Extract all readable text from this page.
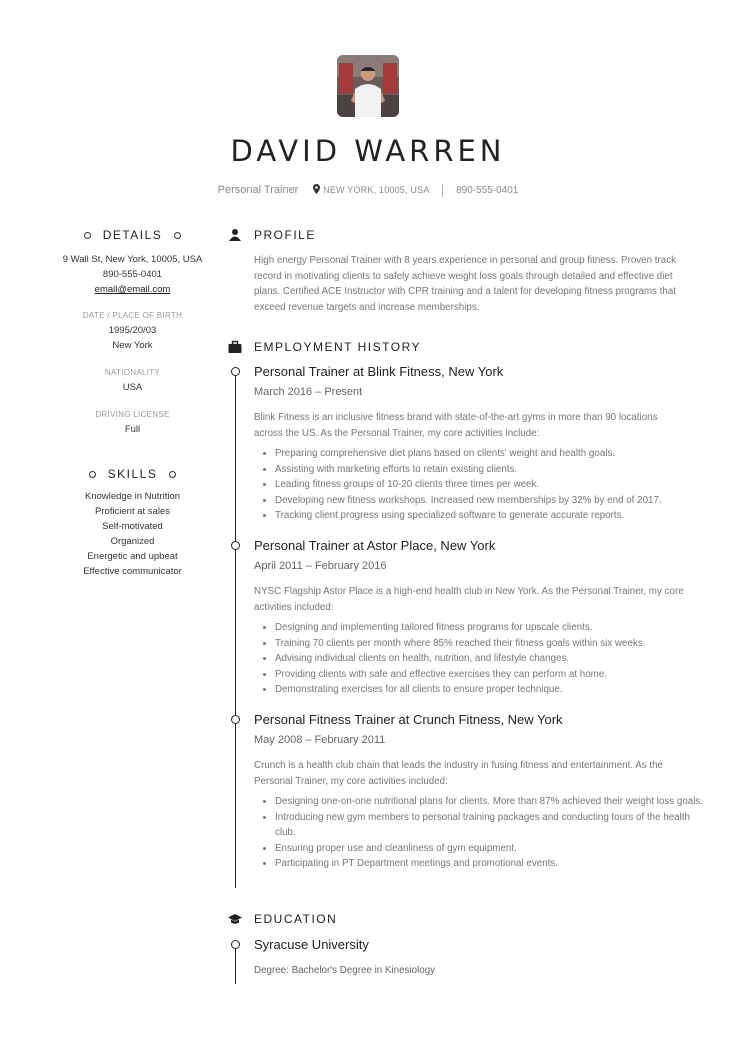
DAVID WARREN
Personal Trainer	NEW YORK, 10005, USA	890-555-0401
DETAILS
9 Wall St, New York, 10005, USA
890-555-0401
email@email.com
DATE / PLACE OF BIRTH
1995/20/03
New York
NATIONALITY
USA
DRIVING LICENSE
Full
SKILLS
Knowledge in Nutrition
Proficient at sales
Self-motivated
Organized
Energetic and upbeat
Effective communicator
PROFILE
High energy Personal Trainer with 8 years experience in personal and group fitness. Proven track record in motivating clients to safely achieve weight loss goals through detailed and effective diet plans. Certified ACE Instructor with CPR training and a talent for developing fitness programs that exceed revenue targets and increase memberships.
EMPLOYMENT HISTORY
Personal Trainer at Blink Fitness, New York
March 2016 – Present
Blink Fitness is an inclusive fitness brand with state-of-the-art gyms in more than 90 locations across the US. As the Personal Trainer, my core activities include:
• Preparing comprehensive diet plans based on clients' weight and health goals.
• Assisting with marketing efforts to retain existing clients.
• Leading fitness groups of 10-20 clients three times per week.
• Developing new fitness workshops. Increased new memberships by 32% by end of 2017.
• Tracking client progress using specialized software to generate accurate reports.
Personal Trainer at Astor Place, New York
April 2011 – February 2016
NYSC Flagship Astor Place is a high-end health club in New York. As the Personal Trainer, my core activities included:
• Designing and implementing tailored fitness programs for upscale clients.
• Training 70 clients per month where 85% reached their fitness goals within six weeks.
• Advising individual clients on health, nutrition, and lifestyle changes.
• Providing clients with safe and effective exercises they can perform at home.
• Demonstrating exercises for all clients to ensure proper technique.
Personal Fitness Trainer at Crunch Fitness, New York
May 2008 – February 2011
Crunch is a health club chain that leads the industry in fusing fitness and entertainment. As the Personal Trainer, my core activities included:
• Designing one-on-one nutritional plans for clients. More than 87% achieved their weight loss goals.
• Introducing new gym members to personal training packages and conducting tours of the health club.
• Ensuring proper use and cleanliness of gym equipment.
• Participating in PT Department meetings and promotional events.
EDUCATION
Syracuse University
Degree: Bachelor's Degree in Kinesiology
